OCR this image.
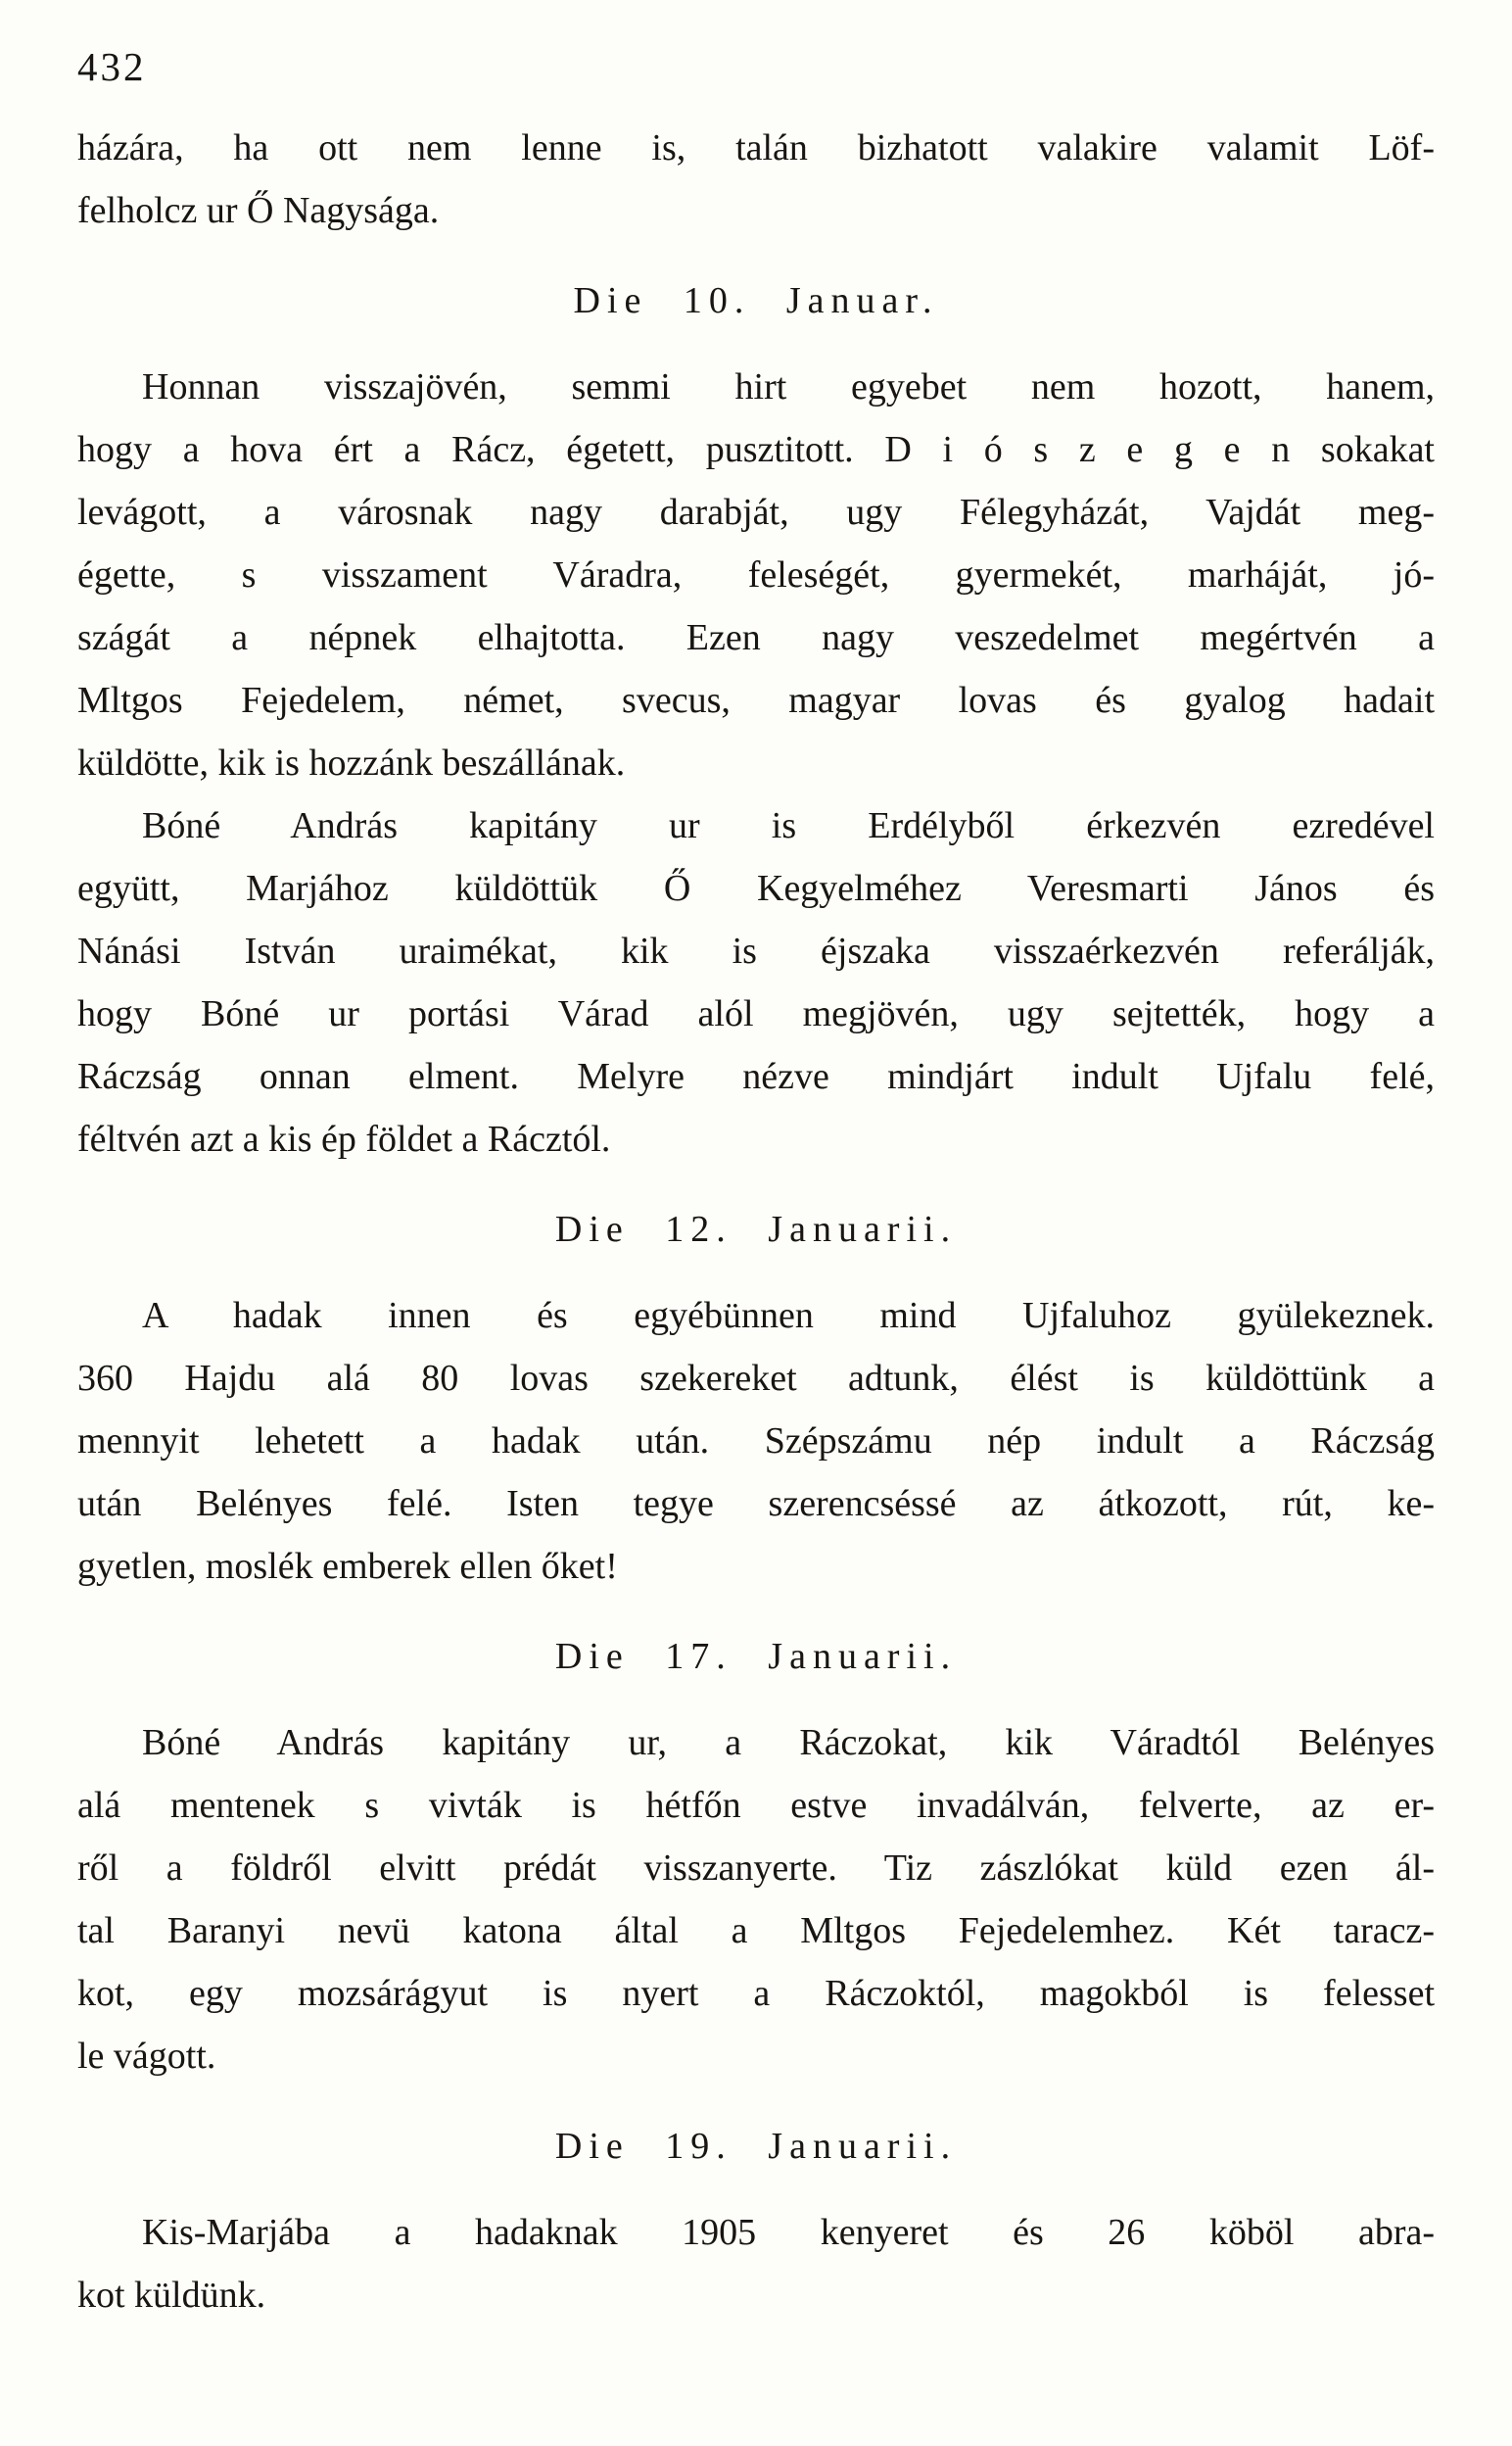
432
házára, ha ott nem lenne is, talán bizhatott valakire valamit Löf-
felholcz ur Ő Nagysága.
Die 10. Januar.
Honnan visszajövén, semmi hirt egyebet nem hozott, hanem,
hogy a hova ért a Rácz, égetett, pusztitott. D i ó s z e g e n sokakat
levágott, a városnak nagy darabját, ugy Félegyházát, Vajdát meg-
égette, s visszament Váradra, feleségét, gyermekét, marháját, jó-
szágát a népnek elhajtotta. Ezen nagy veszedelmet megértvén a
Mltgos Fejedelem, német, svecus, magyar lovas és gyalog hadait
küldötte, kik is hozzánk beszállának.
Bóné András kapitány ur is Erdélyből érkezvén ezredével
együtt, Marjához küldöttük Ő Kegyelméhez Veresmarti János és
Nánási István uraimékat, kik is éjszaka visszaérkezvén referálják,
hogy Bóné ur portási Várad alól megjövén, ugy sejtették, hogy a
Ráczság onnan elment. Melyre nézve mindjárt indult Ujfalu felé,
féltvén azt a kis ép földet a Rácztól.
Die 12. Januarii.
A hadak innen és egyébünnen mind Ujfaluhoz gyülekeznek.
360 Hajdu alá 80 lovas szekereket adtunk, élést is küldöttünk a
mennyit lehetett a hadak után. Szépszámu nép indult a Ráczság
után Belényes felé. Isten tegye szerencséssé az átkozott, rút, ke-
gyetlen, moslék emberek ellen őket!
Die 17. Januarii.
Bóné András kapitány ur, a Ráczokat, kik Váradtól Belényes
alá mentenek s vivták is hétfőn estve invadálván, felverte, az er-
ről a földről elvitt prédát visszanyerte. Tiz zászlókat küld ezen ál-
tal Baranyi nevü katona által a Mltgos Fejedelemhez. Két taracz-
kot, egy mozsárágyut is nyert a Ráczoktól, magokból is felesset
le vágott.
Die 19. Januarii.
Kis-Marjába a hadaknak 1905 kenyeret és 26 köböl abra-
kot küldünk.
